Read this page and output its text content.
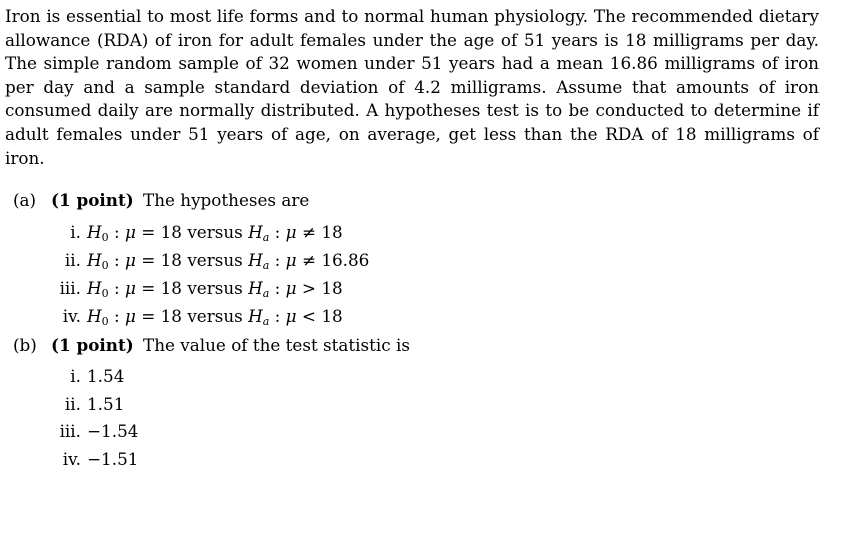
Iron is essential to most life forms and to normal human physiology. The recommended dietary allowance (RDA) of iron for adult females under the age of 51 years is 18 milligrams per day. The simple random sample of 32 women under 51 years had a mean 16.86 milligrams of iron per day and a sample standard deviation of 4.2 milligrams. Assume that amounts of iron consumed daily are normally distributed. A hypotheses test is to be conducted to determine if adult females under 51 years of age, on average, get less than the RDA of 18 milligrams of iron.

(a) (1 point) The hypotheses are
i. $H_0$ : μ = 18 versus Ha : μ ≠ 18
ii. $H_0$ : μ = 18 versus Ha : μ ≠ 16.86
iii. $H_0$ : μ = 18 versus Ha : μ > 18
iv. $H_0$ : μ = 18 versus Ha : μ < 18
(b) (1 point) The value of the test statistic is
i. 1.54
ii. 1.51
iii. −1.54
iv. −1.51
